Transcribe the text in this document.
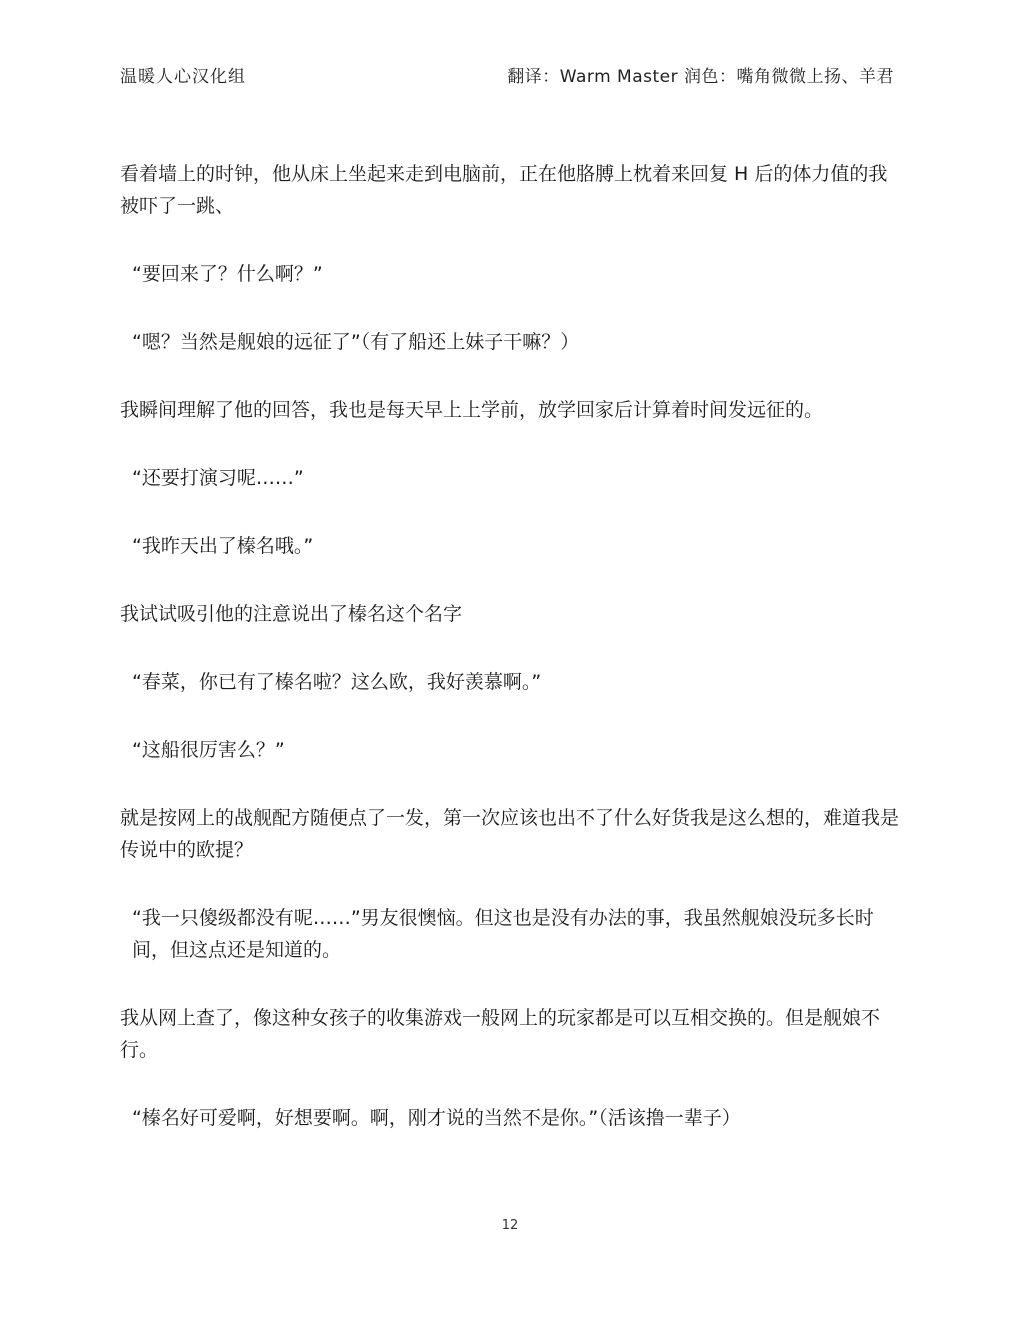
温暖人心汉化组	翻译：Warm Master 润色：嘴角微微上扬、羊君

看着墙上的时钟，他从床上坐起来走到电脑前，正在他胳膊上枕着来回复 H 后的体力值的我被吓了一跳、

“要回来了？什么啊？”

“嗯？当然是舰娘的远征了”（有了船还上妹子干嘛？）

我瞬间理解了他的回答，我也是每天早上上学前，放学回家后计算着时间发远征的。

“还要打演习呢……”

“我昨天出了榛名哦。”

我试试吸引他的注意说出了榛名这个名字

“春菜，你已有了榛名啦？这么欧，我好羡慕啊。”

“这船很厉害么？”

就是按网上的战舰配方随便点了一发，第一次应该也出不了什么好货我是这么想的，难道我是传说中的欧提？

“我一只傻级都没有呢……”男友很懊恼。但这也是没有办法的事，我虽然舰娘没玩多长时间，但这点还是知道的。

我从网上查了，像这种女孩子的收集游戏一般网上的玩家都是可以互相交换的。但是舰娘不行。

“榛名好可爱啊，好想要啊。啊，刚才说的当然不是你。”（活该撸一辈子）

12
